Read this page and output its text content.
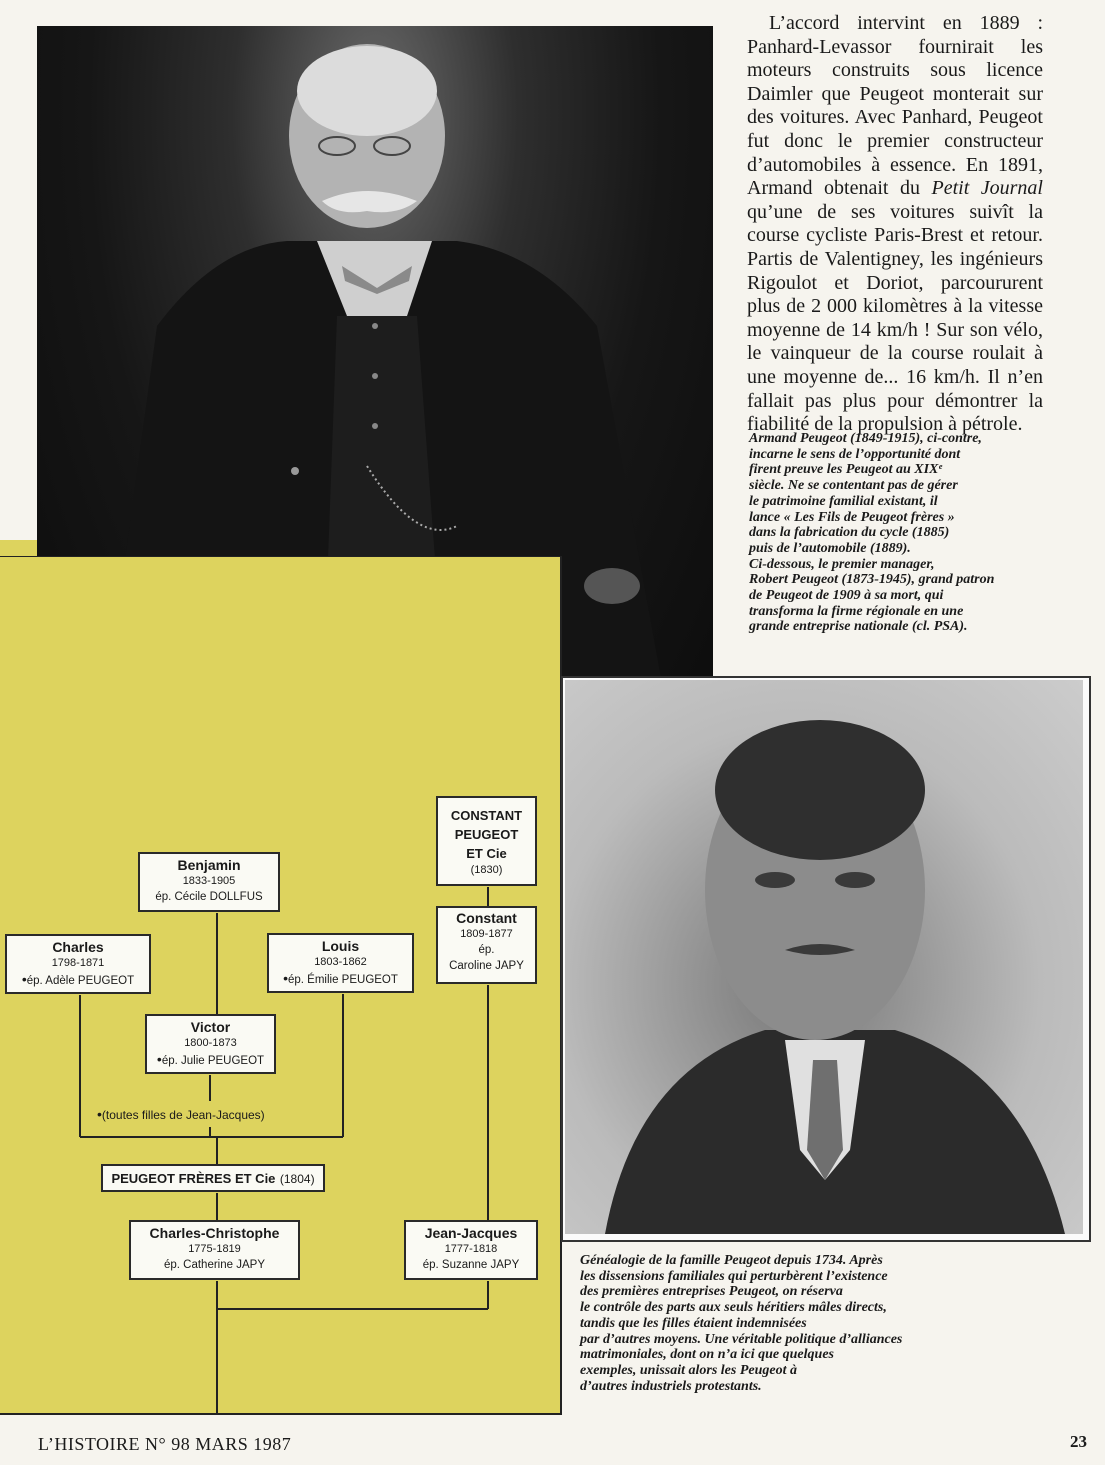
L’accord intervint en 1889 : Panhard-Levassor fournirait les moteurs construits sous licence Daimler que Peugeot monterait sur des voitures. Avec Panhard, Peugeot fut donc le premier constructeur d’automobiles à essence. En 1891, Armand obtenait du Petit Journal qu’une de ses voitures suivît la course cycliste Paris-Brest et retour. Partis de Valentigney, les ingénieurs Rigoulot et Doriot, parcoururent plus de 2 000 kilomètres à la vitesse moyenne de 14 km/h ! Sur son vélo, le vainqueur de la course roulait à une moyenne de... 16 km/h. Il n’en fallait pas plus pour démontrer la fiabilité de la propulsion à pétrole.

Armand Peugeot (1849-1915), ci-contre,
incarne le sens de l’opportunité dont
firent preuve les Peugeot au XIXᵉ
siècle. Ne se contentant pas de gérer
le patrimoine familial existant, il
lance « Les Fils de Peugeot frères »
dans la fabrication du cycle (1885)
puis de l’automobile (1889).
Ci-dessous, le premier manager,
Robert Peugeot (1873-1945), grand patron
de Peugeot de 1909 à sa mort, qui
transforma la firme régionale en une
grande entreprise nationale (cl. PSA).
Généalogie de la famille Peugeot depuis 1734. Après
les dissensions familiales qui perturbèrent l’existence
des premières entreprises Peugeot, on réserva
le contrôle des parts aux seuls héritiers mâles directs,
tandis que les filles étaient indemnisées
par d’autres moyens. Une véritable politique d’alliances
matrimoniales, dont on n’a ici que quelques
exemples, unissait alors les Peugeot à
d’autres industriels protestants.
CONSTANT
PEUGEOT
ET Cie
(1830)
Benjamin
1833-1905
ép. Cécile DOLLFUS
Charles
1798-1871
• ép. Adèle PEUGEOT
Louis
1803-1862
• ép. Émilie PEUGEOT
Constant
1809-1877
ép.
Caroline JAPY
Victor
1800-1873
• ép. Julie PEUGEOT
• (toutes filles de Jean-Jacques)
PEUGEOT FRÈRES ET Cie (1804)
Charles-Christophe
1775-1819
ép. Catherine JAPY
Jean-Jacques
1777-1818
ép. Suzanne JAPY
L’HISTOIRE N° 98 MARS 1987	23
